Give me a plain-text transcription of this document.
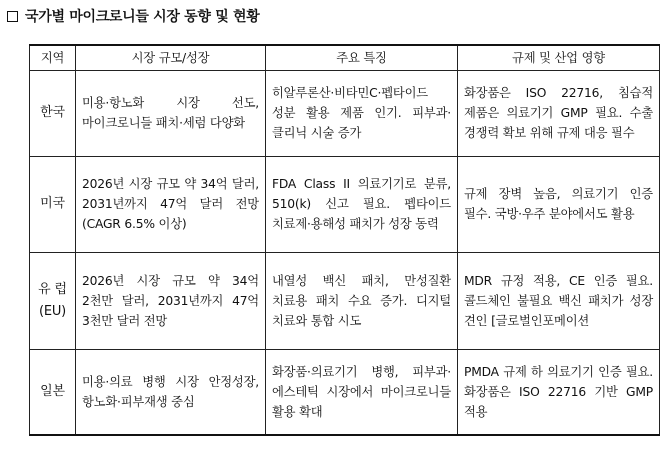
국가별 마이크로니들 시장 동향 및 현황
지역	시장 규모/성장	주요 특징	규제 및 산업 영향
한국	미용·항노화 시장 선도, 마이크로니들 패치·세럼 다양화	히알루론산·비타민C·펩타이드 성분 활용 제품 인기. 피부과·클리닉 시술 증가	화장품은 ISO 22716, 침습적 제품은 의료기기 GMP 필요. 수출 경쟁력 확보 위해 규제 대응 필수
미국	2026년 시장 규모 약 34억 달러, 2031년까지 47억 달러 전망 (CAGR 6.5% 이상)	FDA Class II 의료기기로 분류, 510(k) 신고 필요. 펩타이드 치료제·용해성 패치가 성장 동력	규제 장벽 높음, 의료기기 인증 필수. 국방·우주 분야에서도 활용
유 럽 (EU)	2026년 시장 규모 약 34억 2천만 달러, 2031년까지 47억 3천만 달러 전망	내열성 백신 패치, 만성질환 치료용 패치 수요 증가. 디지털 치료와 통합 시도	MDR 규정 적용, CE 인증 필요. 콜드체인 불필요 백신 패치가 성장 견인 [글로벌인포메이션
일본	미용·의료 병행 시장 안정성장, 항노화·피부재생 중심	화장품·의료기기 병행, 피부과·에스테틱 시장에서 마이크로니들 활용 확대	PMDA 규제 하 의료기기 인증 필요. 화장품은 ISO 22716 기반 GMP 적용
